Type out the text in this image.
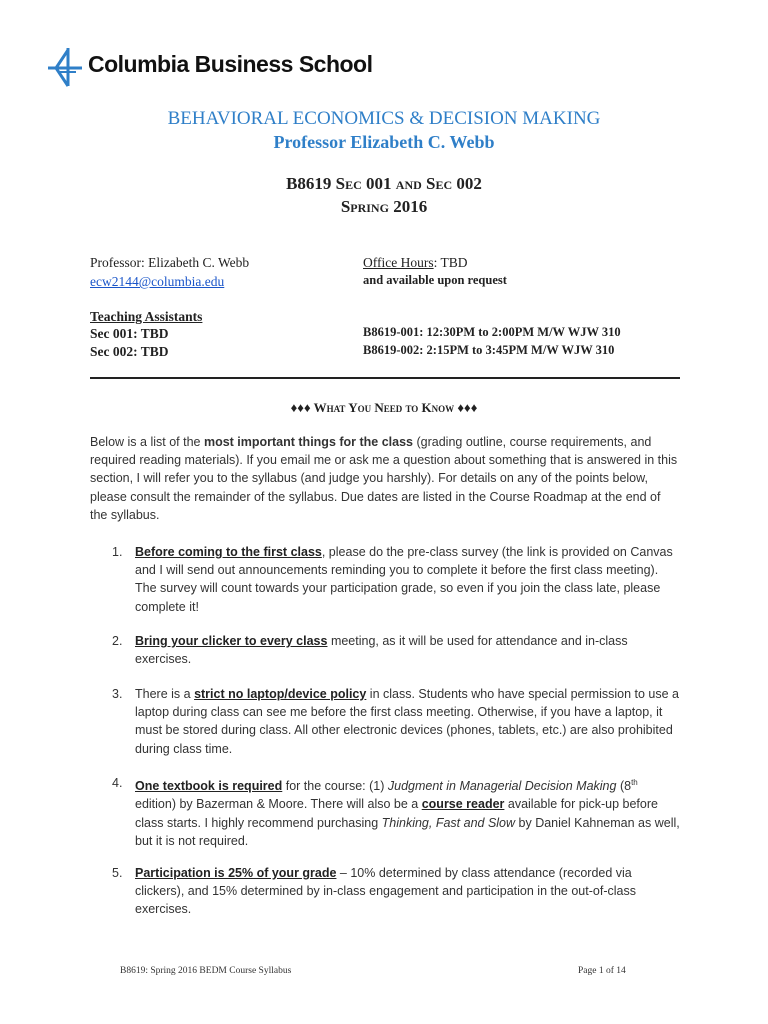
Columbia Business School
BEHAVIORAL ECONOMICS & DECISION MAKING
Professor Elizabeth C. Webb
B8619 Sec 001 and Sec 002
Spring 2016
Professor: Elizabeth C. Webb
ecw2144@columbia.edu
Teaching Assistants
Sec 001: TBD
Sec 002: TBD
Office Hours: TBD
and available upon request
B8619-001: 12:30PM to 2:00PM M/W WJW 310
B8619-002: 2:15PM to 3:45PM M/W WJW 310
♦♦♦ What You Need to Know ♦♦♦
Below is a list of the most important things for the class (grading outline, course requirements, and required reading materials). If you email me or ask me a question about something that is answered in this section, I will refer you to the syllabus (and judge you harshly). For details on any of the points below, please consult the remainder of the syllabus. Due dates are listed in the Course Roadmap at the end of the syllabus.
1.	Before coming to the first class, please do the pre-class survey (the link is provided on Canvas and I will send out announcements reminding you to complete it before the first class meeting). The survey will count towards your participation grade, so even if you join the class late, please complete it!
2.	Bring your clicker to every class meeting, as it will be used for attendance and in-class exercises.
3.	There is a strict no laptop/device policy in class. Students who have special permission to use a laptop during class can see me before the first class meeting. Otherwise, if you have a laptop, it must be stored during class. All other electronic devices (phones, tablets, etc.) are also prohibited during class time.
4.	One textbook is required for the course: (1) Judgment in Managerial Decision Making (8th edition) by Bazerman & Moore. There will also be a course reader available for pick-up before class starts. I highly recommend purchasing Thinking, Fast and Slow by Daniel Kahneman as well, but it is not required.
5.	Participation is 25% of your grade – 10% determined by class attendance (recorded via clickers), and 15% determined by in-class engagement and participation in the out-of-class exercises.
B8619: Spring 2016 BEDM Course Syllabus	Page 1 of 14
